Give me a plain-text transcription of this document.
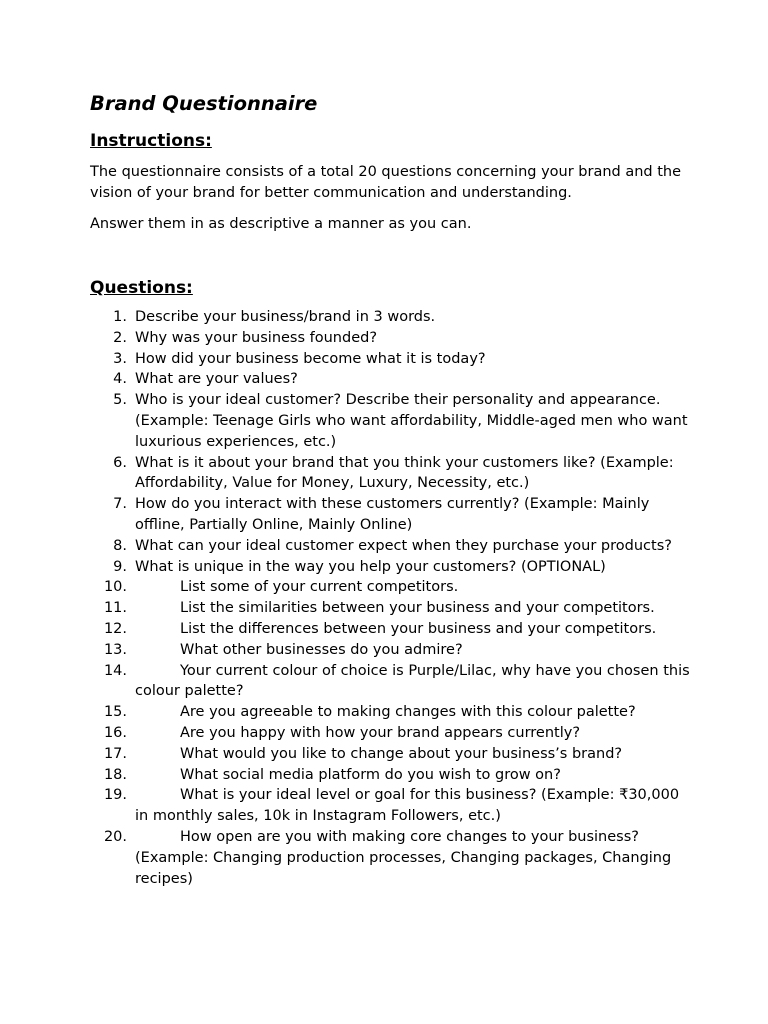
Brand Questionnaire
Instructions:

The questionnaire consists of a total 20 questions concerning your brand and the vision of your brand for better communication and understanding.

Answer them in as descriptive a manner as you can.

Questions:
1. Describe your business/brand in 3 words.
2. Why was your business founded?
3. How did your business become what it is today?
4. What are your values?
5. Who is your ideal customer? Describe their personality and appearance. (Example: Teenage Girls who want affordability, Middle-aged men who want luxurious experiences, etc.)
6. What is it about your brand that you think your customers like? (Example: Affordability, Value for Money, Luxury, Necessity, etc.)
7. How do you interact with these customers currently? (Example: Mainly offline, Partially Online, Mainly Online)
8. What can your ideal customer expect when they purchase your products?
9. What is unique in the way you help your customers? (OPTIONAL)
10.	List some of your current competitors.
11.	List the similarities between your business and your competitors.
12.	List the differences between your business and your competitors.
13.	What other businesses do you admire?
14.	Your current colour of choice is Purple/Lilac, why have you chosen this colour palette?
15.	Are you agreeable to making changes with this colour palette?
16.	Are you happy with how your brand appears currently?
17.	What would you like to change about your business’s brand?
18.	What social media platform do you wish to grow on?
19.	What is your ideal level or goal for this business? (Example: ₹30,000 in monthly sales, 10k in Instagram Followers, etc.)
20.	How open are you with making core changes to your business? (Example: Changing production processes, Changing packages, Changing recipes)
